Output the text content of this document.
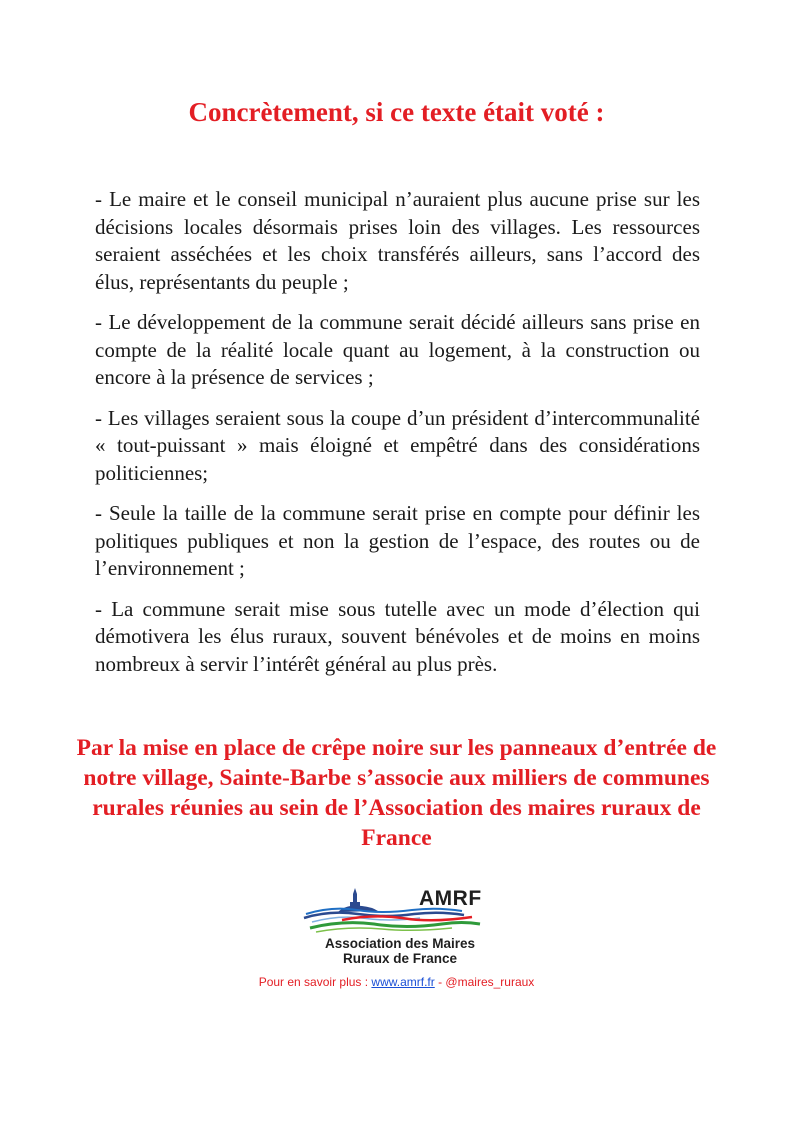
Concrètement, si ce texte était voté :

- Le maire et le conseil municipal n’auraient plus aucune prise sur les décisions locales désormais prises loin des villages. Les ressources seraient asséchées et les choix transférés ailleurs, sans l’accord des élus, représentants du peuple ;

- Le développement de la commune serait décidé ailleurs sans prise en compte de la réalité locale quant au logement, à la construction ou encore à la présence de services ;

- Les villages seraient sous la coupe d’un président d’intercommunalité « tout-puissant » mais éloigné et empêtré dans des considérations politiciennes;

- Seule la taille de la commune serait prise en compte pour définir les politiques publiques et non la gestion de l’espace, des routes ou de l’environnement ;

- La commune serait mise sous tutelle avec un mode d’élection qui démotivera les élus ruraux, souvent bénévoles et de moins en moins nombreux à servir l’intérêt général au plus près.

Par la mise en place de crêpe noire sur les panneaux d’entrée de notre village, Sainte-Barbe s’associe aux milliers de communes rurales réunies au sein de l’Association des maires ruraux de France

AMRF
Association des Maires
Ruraux de France
Pour en savoir plus : www.amrf.fr - @maires_ruraux
